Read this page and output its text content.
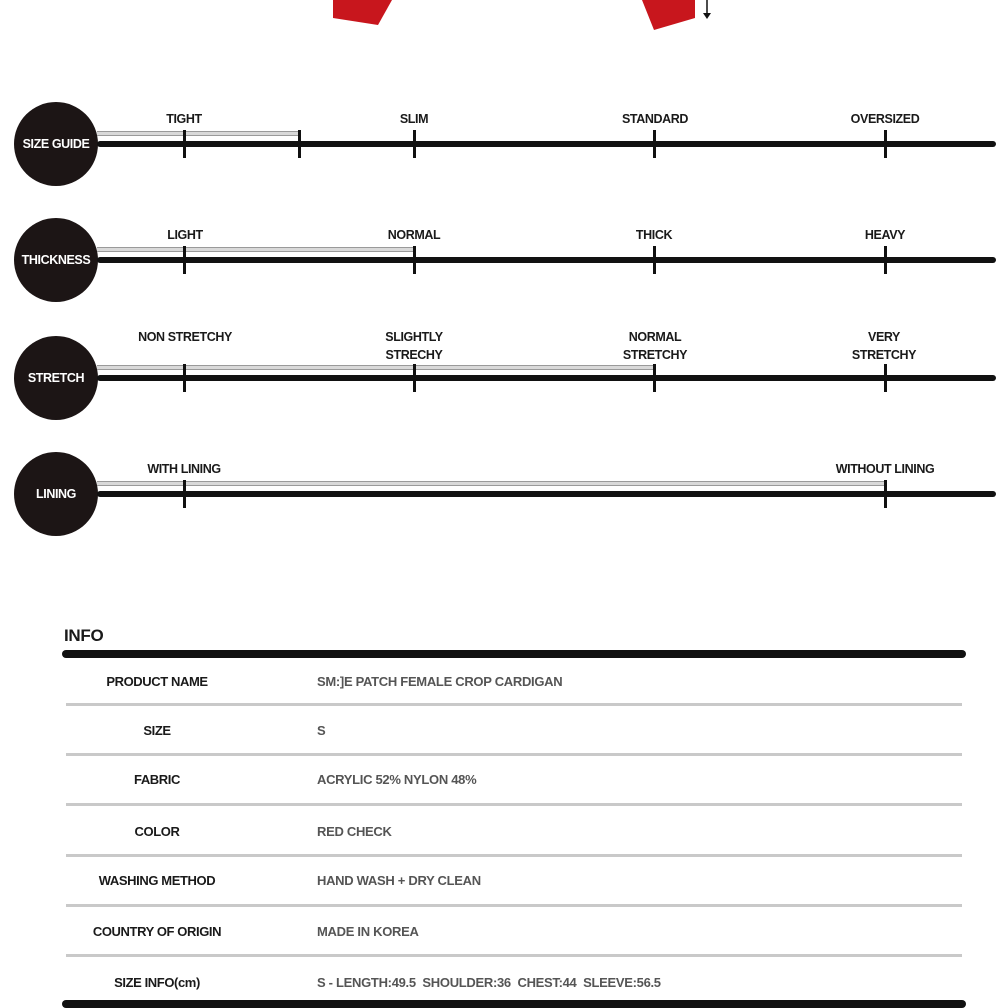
SIZE GUIDE
TIGHT	SLIM	STANDARD	OVERSIZED
THICKNESS
LIGHT	NORMAL	THICK	HEAVY
STRETCH
NON STRETCHY	SLIGHTLY
STRECHY
NORMAL
STRETCHY
VERY
STRETCHY
LINING
WITH LINING	WITHOUT LINING
INFO
PRODUCT NAME	SM:]E PATCH FEMALE CROP CARDIGAN
SIZE	S
FABRIC	ACRYLIC 52% NYLON 48%
COLOR	RED CHECK
WASHING METHOD	HAND WASH + DRY CLEAN
COUNTRY OF ORIGIN	MADE IN KOREA
SIZE INFO(cm)	S - LENGTH:49.5  SHOULDER:36  CHEST:44  SLEEVE:56.5
